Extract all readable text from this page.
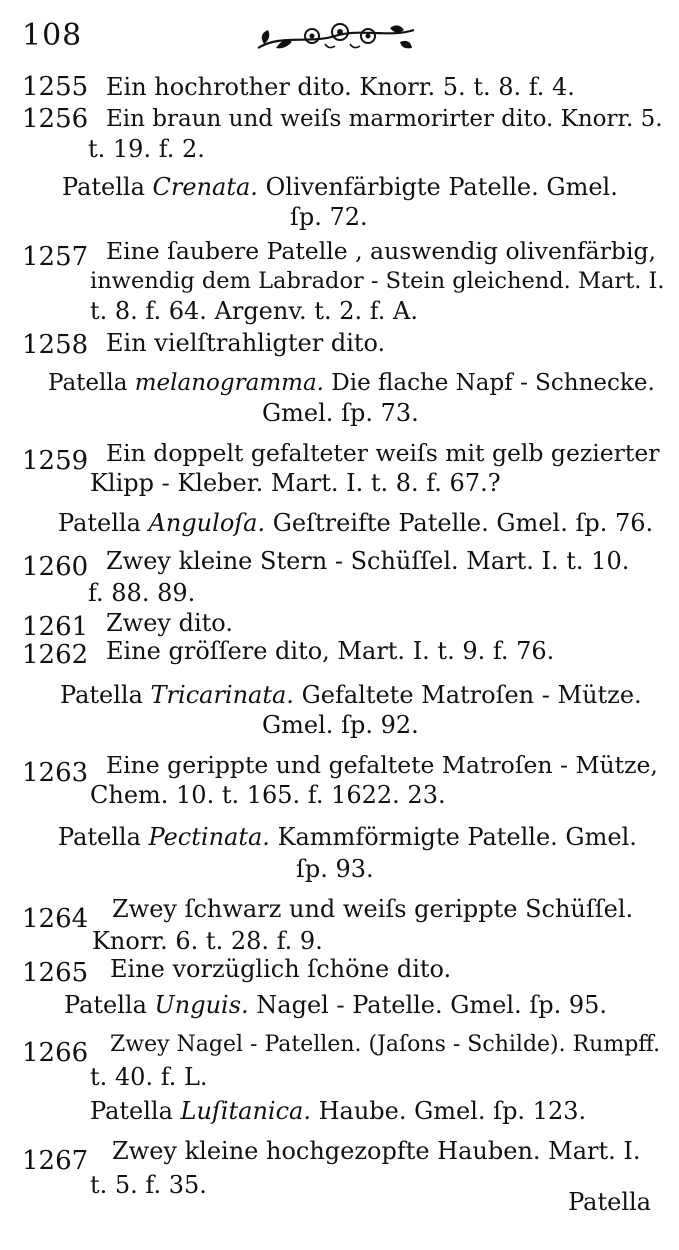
108
1255 Ein hochrother dito. Knorr. 5. t. 8. f. 4.
1256 Ein braun und weiſs marmorirter dito. Knorr. 5.
t. 19. f. 2.
Patella Crenata. Olivenfärbigte Patelle. Gmel.
ſp. 72.
1257 Eine ſaubere Patelle , auswendig olivenfärbig,
inwendig dem Labrador - Stein gleichend. Mart. I.
t. 8. f. 64. Argenv. t. 2. f. A.
1258 Ein vielſtrahligter dito.
Patella melanogramma. Die flache Napf - Schnecke.
Gmel. ſp. 73.
1259 Ein doppelt gefalteter weiſs mit gelb gezierter
Klipp - Kleber. Mart. I. t. 8. f. 67.?
Patella Anguloſa. Geſtreifte Patelle. Gmel. ſp. 76.
1260 Zwey kleine Stern - Schüſſel. Mart. I. t. 10.
f. 88. 89.
1261 Zwey dito.
1262 Eine gröſſere dito, Mart. I. t. 9. f. 76.
Patella Tricarinata. Gefaltete Matroſen - Mütze.
Gmel. ſp. 92.
1263 Eine gerippte und gefaltete Matroſen - Mütze,
Chem. 10. t. 165. f. 1622. 23.
Patella Pectinata. Kammförmigte Patelle. Gmel.
ſp. 93.
1264 Zwey ſchwarz und weiſs gerippte Schüſſel.
Knorr. 6. t. 28. f. 9.
1265 Eine vorzüglich ſchöne dito.
Patella Unguis. Nagel - Patelle. Gmel. ſp. 95.
1266 Zwey Nagel - Patellen. (Jaſons - Schilde). Rumpff.
t. 40. f. L.
Patella Luſitanica. Haube. Gmel. ſp. 123.
1267 Zwey kleine hochgezopfte Hauben. Mart. I.
t. 5. f. 35.
Patella
